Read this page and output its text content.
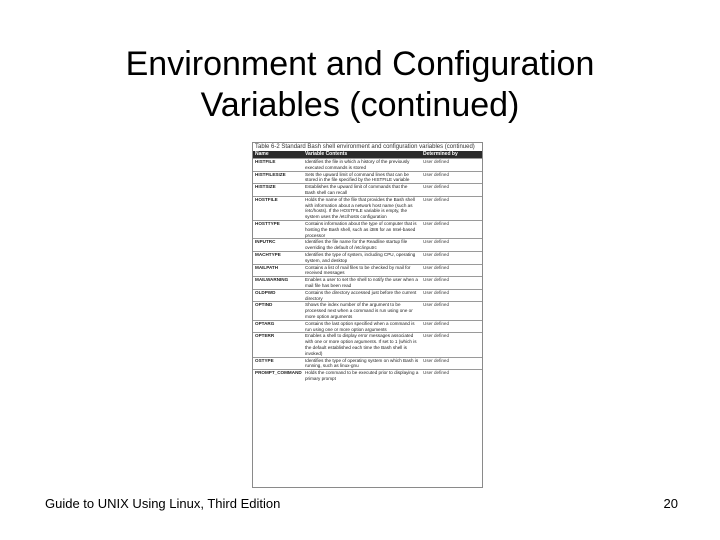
Environment and Configuration
Variables (continued)
Table 6-2 Standard Bash shell environment and configuration variables (continued)
Name	Variable Contents	Determined by
HISTFILE	Identifies the file in which a history of the previously executed commands is stored	User defined
HISTFILESIZE	Sets the upward limit of command lines that can be stored in the file specified by the HISTFILE variable	User defined
HISTSIZE	Establishes the upward limit of commands that the Bash shell can recall	User defined
HOSTFILE	Holds the name of the file that provides the Bash shell with information about a network host name (such as /etc/hosts). If the HOSTFILE variable is empty, the system uses the /etc/hosts configuration	User defined
HOSTTYPE	Contains information about the type of computer that is hosting the Bash shell, such as i386 for an Intel-based processor	User defined
INPUTRC	Identifies the file name for the Readline startup file overriding the default of /etc/inputrc	User defined
MACHTYPE	Identifies the type of system, including CPU, operating system, and desktop	User defined
MAILPATH	Contains a list of mail files to be checked by mail for received messages	User defined
MAILWARNING	Enables a user to set the shell to notify the user when a mail file has been read	User defined
OLDPWD	Contains the directory accessed just before the current directory	User defined
OPTIND	Shows the index number of the argument to be processed next when a command is run using one or more option arguments	User defined
OPTARG	Contains the last option specified when a command is run using one or more option arguments	User defined
OPTERR	Enables a shell to display error messages associated with one or more option arguments. If set to 1 (which is the default established each time the Bash shell is invoked)	User defined
OSTYPE	Identifies the type of operating system on which Bash is running, such as linux-gnu	User defined
PROMPT_COMMAND	Holds the command to be executed prior to displaying a primary prompt	User defined
Guide to UNIX Using Linux, Third Edition	20
